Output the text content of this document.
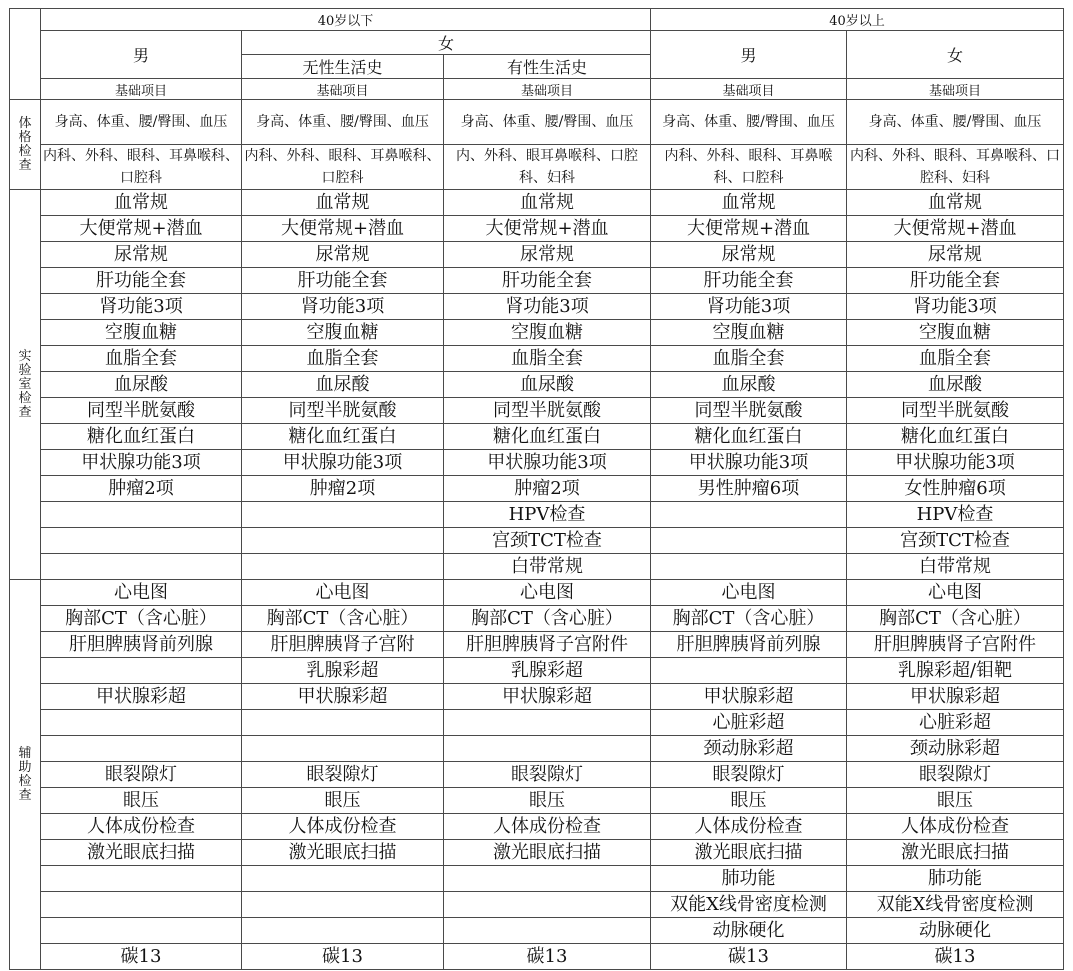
	40岁以下			40岁以上	
	男	女		男	女
		无性生活史	有性生活史		
	基础项目	基础项目	基础项目	基础项目	基础项目
体格检查	身高、体重、腰/臀围、血压	身高、体重、腰/臀围、血压	身高、体重、腰/臀围、血压	身高、体重、腰/臀围、血压	身高、体重、腰/臀围、血压
	内科、外科、眼科、耳鼻喉科、口腔科	内科、外科、眼科、耳鼻喉科、口腔科	内、外科、眼耳鼻喉科、口腔科、妇科	内科、外科、眼科、耳鼻喉科、口腔科	内科、外科、眼科、耳鼻喉科、口腔科、妇科
实验室检查	血常规	血常规	血常规	血常规	血常规
	大便常规+潜血	大便常规+潜血	大便常规+潜血	大便常规+潜血	大便常规+潜血
	尿常规	尿常规	尿常规	尿常规	尿常规
	肝功能全套	肝功能全套	肝功能全套	肝功能全套	肝功能全套
	肾功能3项	肾功能3项	肾功能3项	肾功能3项	肾功能3项
	空腹血糖	空腹血糖	空腹血糖	空腹血糖	空腹血糖
	血脂全套	血脂全套	血脂全套	血脂全套	血脂全套
	血尿酸	血尿酸	血尿酸	血尿酸	血尿酸
	同型半胱氨酸	同型半胱氨酸	同型半胱氨酸	同型半胱氨酸	同型半胱氨酸
	糖化血红蛋白	糖化血红蛋白	糖化血红蛋白	糖化血红蛋白	糖化血红蛋白
	甲状腺功能3项	甲状腺功能3项	甲状腺功能3项	甲状腺功能3项	甲状腺功能3项
	肿瘤2项	肿瘤2项	肿瘤2项	男性肿瘤6项	女性肿瘤6项
			HPV检查		HPV检查
			宫颈TCT检查		宫颈TCT检查
			白带常规		白带常规
辅助检查	心电图	心电图	心电图	心电图	心电图
	胸部CT（含心脏）	胸部CT（含心脏）	胸部CT（含心脏）	胸部CT（含心脏）	胸部CT（含心脏）
	肝胆脾胰肾前列腺	肝胆脾胰肾子宫附	肝胆脾胰肾子宫附件	肝胆脾胰肾前列腺	肝胆脾胰肾子宫附件
		乳腺彩超	乳腺彩超		乳腺彩超/钼靶
	甲状腺彩超	甲状腺彩超	甲状腺彩超	甲状腺彩超	甲状腺彩超
				心脏彩超	心脏彩超
				颈动脉彩超	颈动脉彩超
	眼裂隙灯	眼裂隙灯	眼裂隙灯	眼裂隙灯	眼裂隙灯
	眼压	眼压	眼压	眼压	眼压
	人体成份检查	人体成份检查	人体成份检查	人体成份检查	人体成份检查
	激光眼底扫描	激光眼底扫描	激光眼底扫描	激光眼底扫描	激光眼底扫描
				肺功能	肺功能
				双能X线骨密度检测	双能X线骨密度检测
				动脉硬化	动脉硬化
	碳13	碳13	碳13	碳13	碳13
